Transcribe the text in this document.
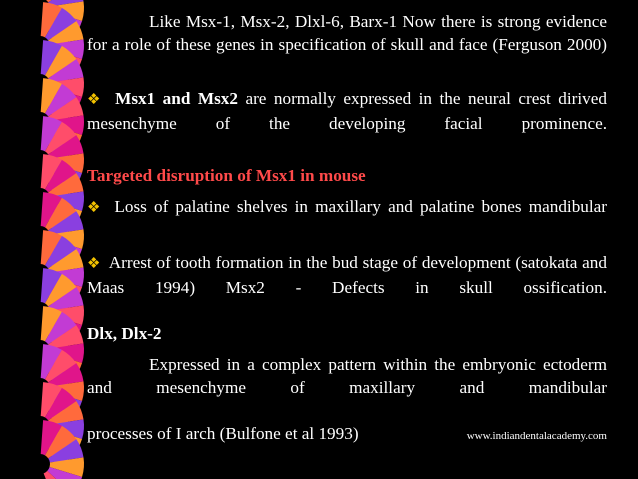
Like Msx-1, Msx-2, Dlxl-6, Barx-1 Now there is strong evidence for a role of these genes in specification of skull and face (Ferguson 2000)
❖ Msx1 and Msx2 are normally expressed in the neural crest dirived mesenchyme of the developing facial prominence.
Targeted disruption of Msx1 in mouse
❖ Loss of palatine shelves in maxillary and palatine bones mandibular
❖ Arrest of tooth formation in the bud stage of development (satokata and Maas 1994) Msx2 - Defects in skull ossification.
Dlx, Dlx-2
Expressed in a complex pattern within the embryonic ectoderm and mesenchyme of maxillary and mandibular
processes of I arch (Bulfone et al 1993)	www.indiandentalacademy.com
